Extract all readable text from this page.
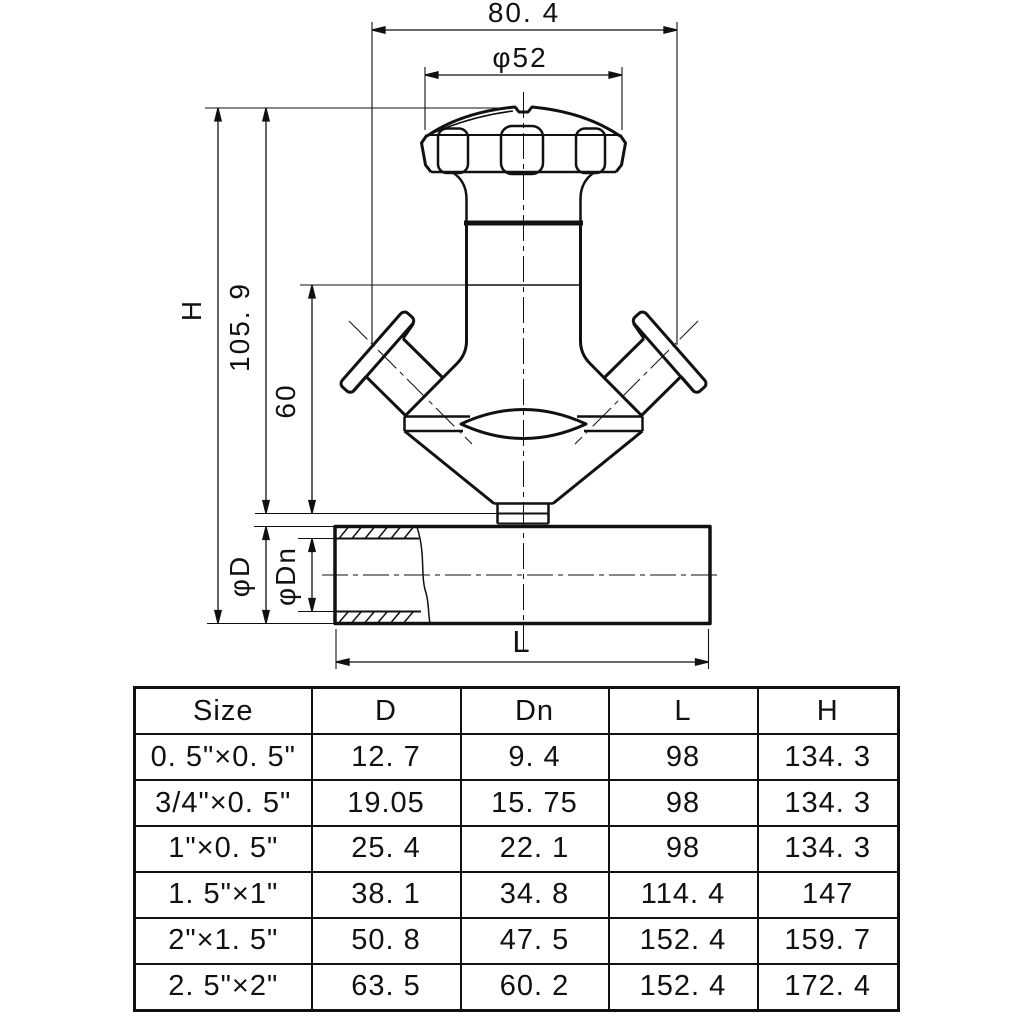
80. 4
φ52
H 105. 9
60
φD φDn
L
Size	D	Dn	L	H
0. 5"×0. 5"	12. 7	9. 4	98	134. 3
3/4"×0. 5"	19.05	15. 75	98	134. 3
1"×0. 5"	25. 4	22. 1	98	134. 3
1. 5"×1"	38. 1	34. 8	114. 4	147
2"×1. 5"	50. 8	47. 5	152. 4	159. 7
2. 5"×2"	63. 5	60. 2	152. 4	172. 4
